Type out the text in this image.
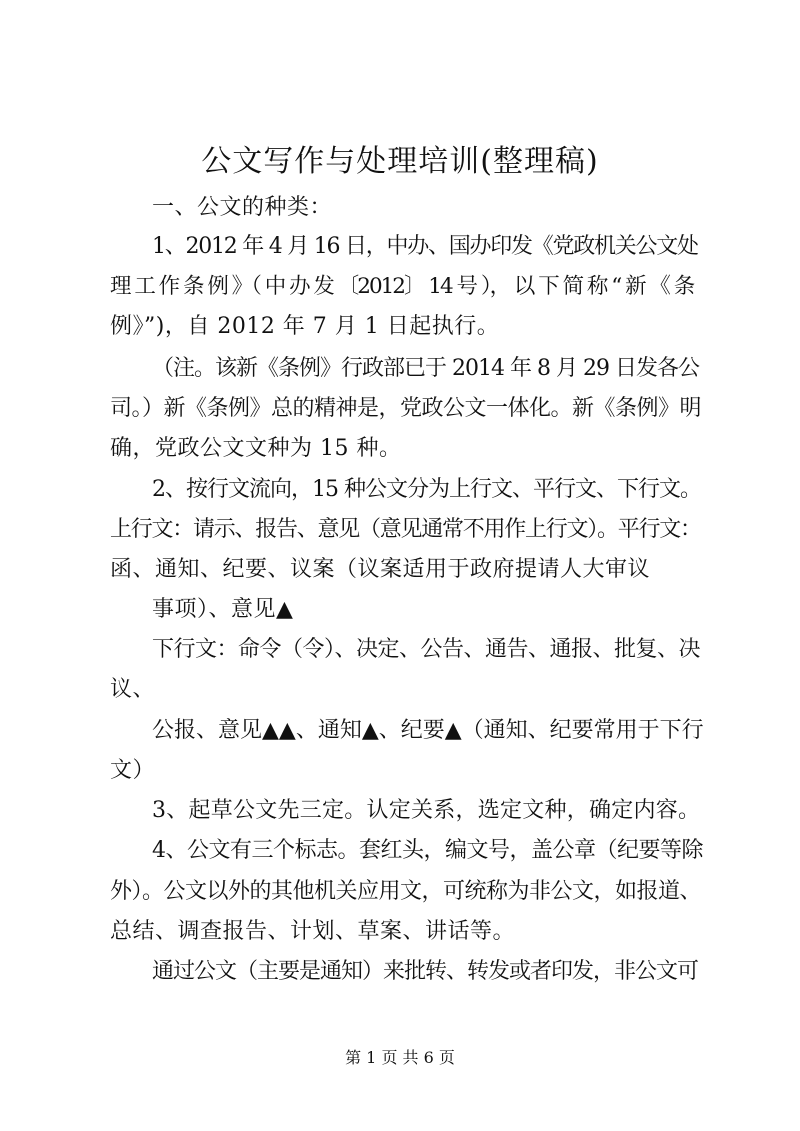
公文写作与处理培训(整理稿)
一、公文的种类：
1、2012 年 4 月 16 日，中办、国办印发《党政机关公文处
理 工 作 条 例 》（ 中 办 发 〔2012〕 14 号 ）， 以 下 简 称 “ 新 《 条
例》”)，自 2012 年 7 月 1 日起执行。
（注。该新《条例》行政部已于 2014 年 8 月 29 日发各公
司。）新《条例》总的精神是，党政公文一体化。新《条例》明
确，党政公文文种为 15 种。
2、按行文流向，15 种公文分为上行文、平行文、下行文。
上行文：请示、报告、意见（意见通常不用作上行文）。平行文：
函、通知、纪要、议案（议案适用于政府提请人大审议
事项）、意见▲
下行文：命令（令）、决定、公告、通告、通报、批复、决
议、
公报、意见▲▲、通知▲、纪要▲（通知、纪要常用于下行
文）
3、起草公文先三定。认定关系，选定文种，确定内容。
4、公文有三个标志。套红头，编文号，盖公章（纪要等除
外）。公文以外的其他机关应用文，可统称为非公文，如报道、
总结、调查报告、计划、草案、讲话等。
通过公文（主要是通知）来批转、转发或者印发，非公文可
第 1 页 共 6 页
